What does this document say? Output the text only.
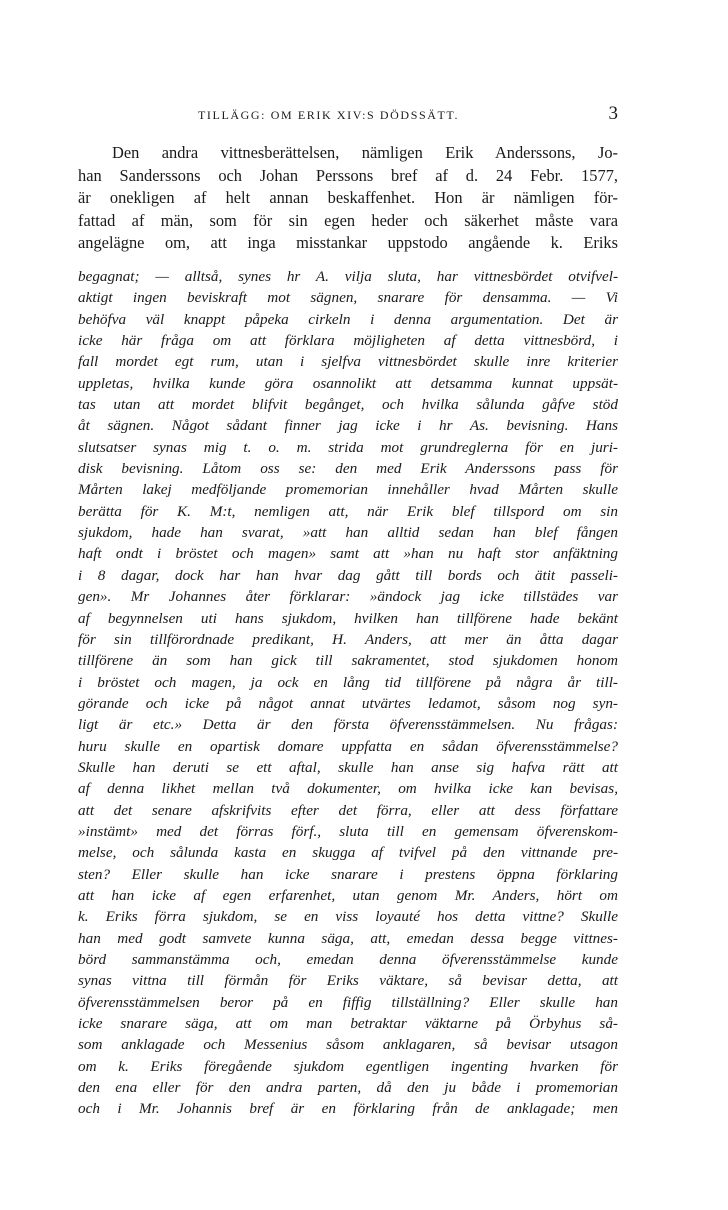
TILLÄGG: OM ERIK XIV:S DÖDSSÄTT.	3
Den andra vittnesberättelsen, nämligen Erik Anderssons, Jo-
han Sanderssons och Johan Perssons bref af d. 24 Febr. 1577,
är onekligen af helt annan beskaffenhet. Hon är nämligen för-
fattad af män, som för sin egen heder och säkerhet måste vara
angelägne om, att inga misstankar uppstodo angående k. Eriks
begagnat; — alltså, synes hr A. vilja sluta, har vittnesbördet otvifvel-
aktigt ingen beviskraft mot sägnen, snarare för densamma. — Vi
behöfva väl knappt påpeka cirkeln i denna argumentation. Det är
icke här fråga om att förklara möjligheten af detta vittnesbörd, i
fall mordet egt rum, utan i sjelfva vittnesbördet skulle inre kriterier
uppletas, hvilka kunde göra osannolikt att detsamma kunnat uppsät-
tas utan att mordet blifvit begånget, och hvilka sålunda gåfve stöd
åt sägnen. Något sådant finner jag icke i hr As. bevisning. Hans
slutsatser synas mig t. o. m. strida mot grundreglerna för en juri-
disk bevisning. Låtom oss se: den med Erik Anderssons pass för
Mårten lakej medföljande promemorian innehåller hvad Mårten skulle
berätta för K. M:t, nemligen att, när Erik blef tillspord om sin
sjukdom, hade han svarat, »att han alltid sedan han blef fången
haft ondt i bröstet och magen» samt att »han nu haft stor anfäktning
i 8 dagar, dock har han hvar dag gått till bords och ätit passeli-
gen». Mr Johannes åter förklarar: »ändock jag icke tillstädes var
af begynnelsen uti hans sjukdom, hvilken han tillförene hade bekänt
för sin tillförordnade predikant, H. Anders, att mer än åtta dagar
tillförene än som han gick till sakramentet, stod sjukdomen honom
i bröstet och magen, ja ock en lång tid tillförene på några år till-
görande och icke på något annat utvärtes ledamot, såsom nog syn-
ligt är etc.» Detta är den första öfverensstämmelsen. Nu frågas:
huru skulle en opartisk domare uppfatta en sådan öfverensstämmelse?
Skulle han deruti se ett aftal, skulle han anse sig hafva rätt att
af denna likhet mellan två dokumenter, om hvilka icke kan bevisas,
att det senare afskrifvits efter det förra, eller att dess författare
»instämt» med det förras förf., sluta till en gemensam öfverenskom-
melse, och sålunda kasta en skugga af tvifvel på den vittnande pre-
sten? Eller skulle han icke snarare i prestens öppna förklaring
att han icke af egen erfarenhet, utan genom Mr. Anders, hört om
k. Eriks förra sjukdom, se en viss loyauté hos detta vittne? Skulle
han med godt samvete kunna säga, att, emedan dessa begge vittnes-
börd sammanstämma och, emedan denna öfverensstämmelse kunde
synas vittna till förmån för Eriks väktare, så bevisar detta, att
öfverensstämmelsen beror på en fiffig tillställning? Eller skulle han
icke snarare säga, att om man betraktar väktarne på Örbyhus så-
som anklagade och Messenius såsom anklagaren, så bevisar utsagon
om k. Eriks föregående sjukdom egentligen ingenting hvarken för
den ena eller för den andra parten, då den ju både i promemorian
och i Mr. Johannis bref är en förklaring från de anklagade; men
